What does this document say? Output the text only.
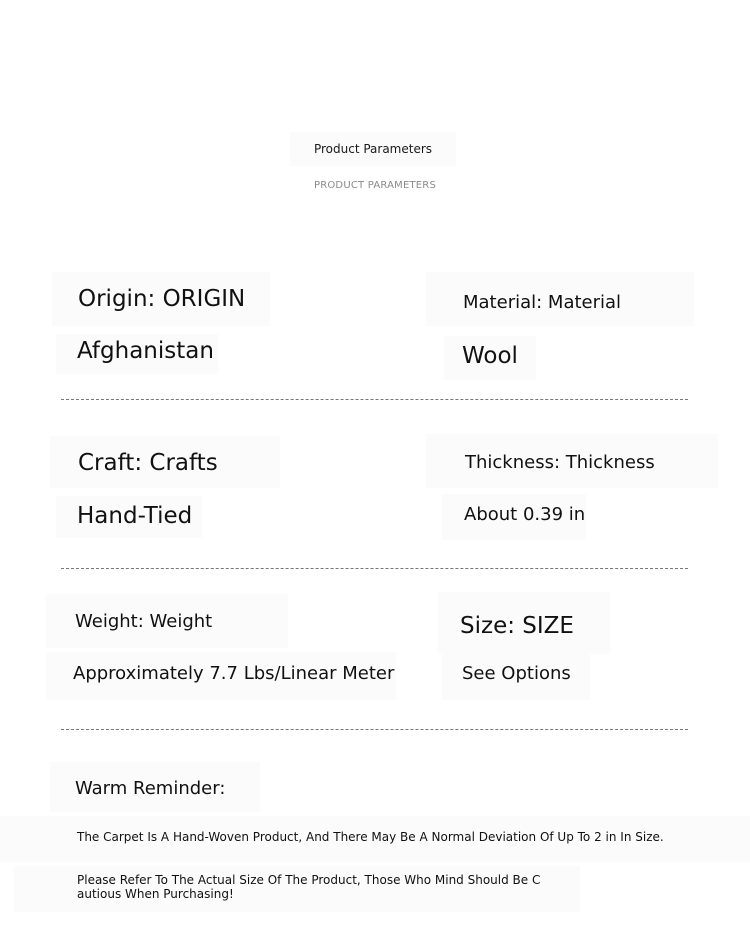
Product Parameters
PRODUCT PARAMETERS
Origin: ORIGIN
Afghanistan
Material: Material
Wool
Craft: Crafts
Hand-Tied
Thickness: Thickness
About 0.39 in
Weight: Weight
Approximately 7.7 Lbs/Linear Meter
Size: SIZE
See Options
Warm Reminder:
The Carpet Is A Hand-Woven Product, And There May Be A Normal Deviation Of Up To 2 in In Size.
Please Refer To The Actual Size Of The Product, Those Who Mind Should Be C
autious When Purchasing!
